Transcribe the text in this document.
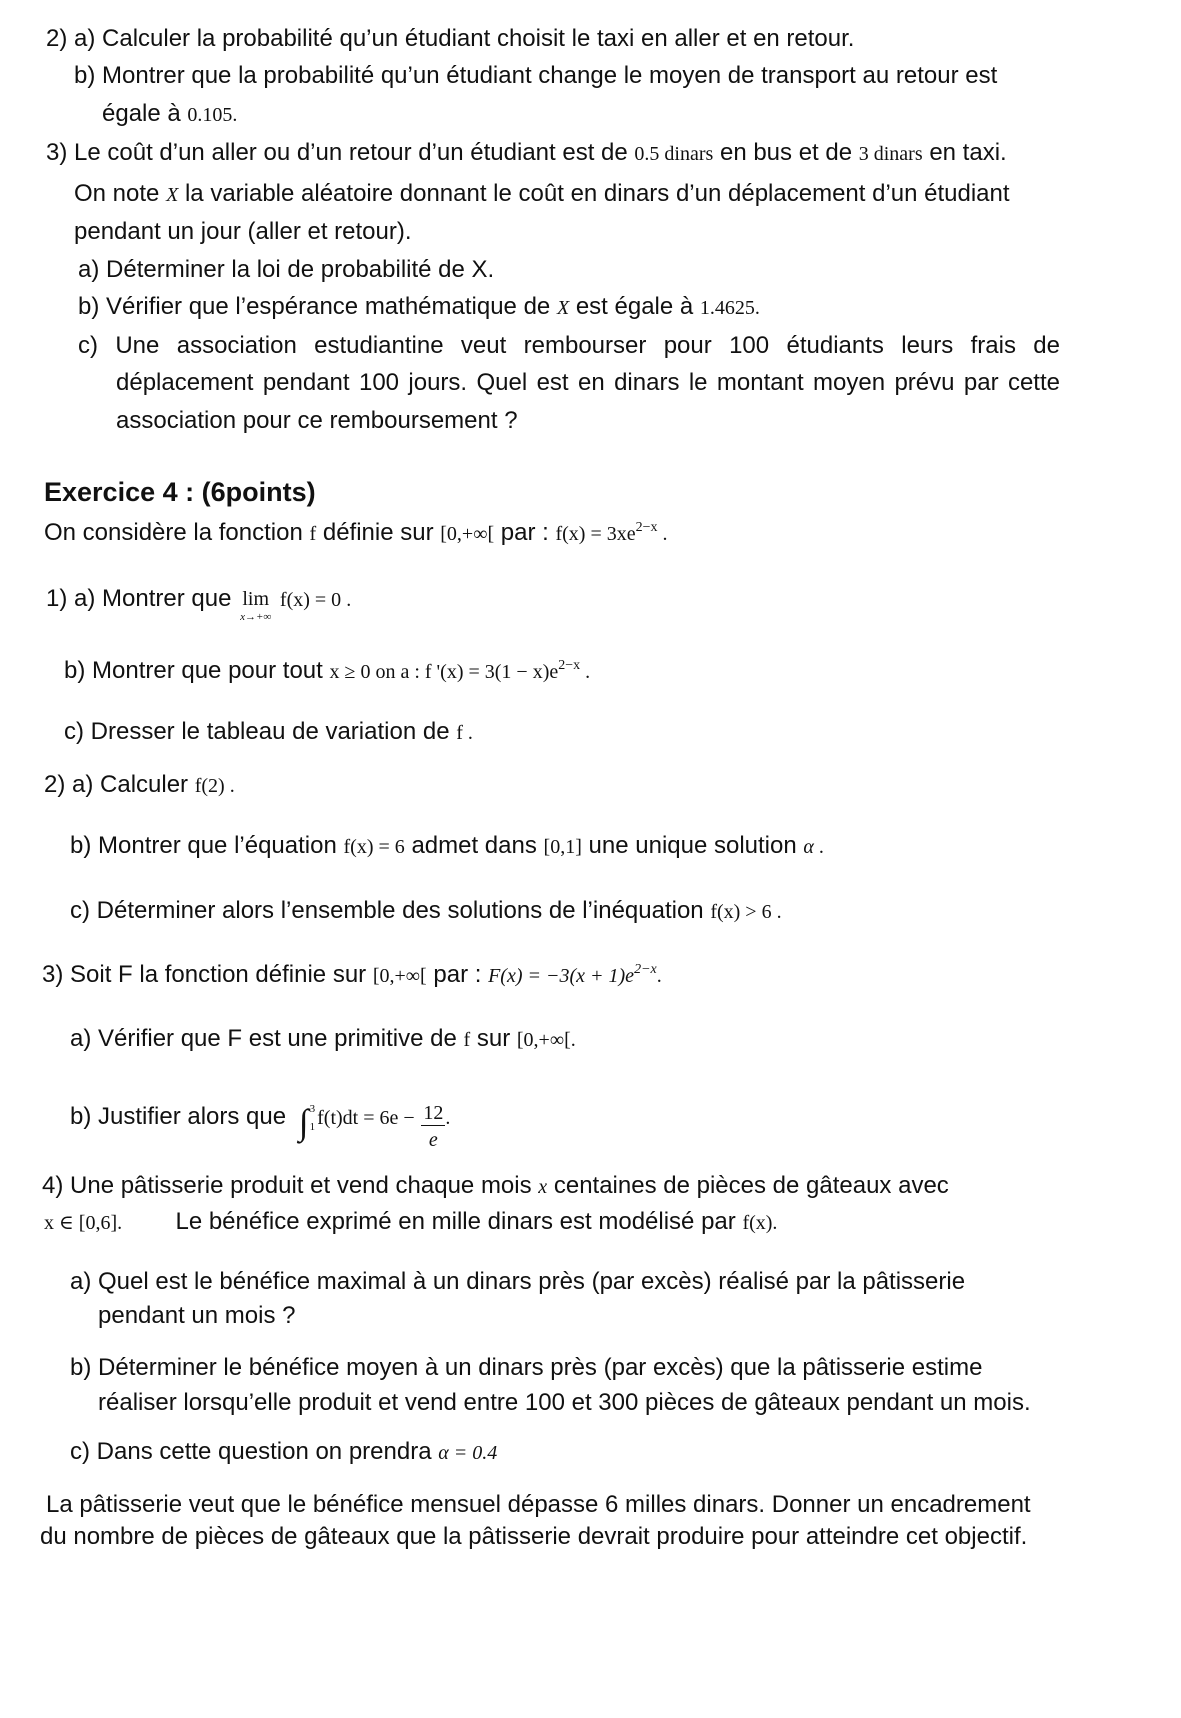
2) a) Calculer la probabilité qu’un étudiant choisit le taxi en aller et en retour.
b) Montrer que la probabilité qu’un étudiant change le moyen de transport au retour est
égale à 0.105.
3) Le coût d’un aller ou d’un retour d’un étudiant est de 0.5 dinars en bus et de 3 dinars en taxi.
On note X la variable aléatoire donnant le coût en dinars d’un déplacement d’un étudiant
pendant un jour (aller et retour).
a) Déterminer la loi de probabilité de X.
b) Vérifier que l’espérance mathématique de X est égale à 1.4625.
c) Une association estudiantine veut rembourser pour 100 étudiants leurs frais de
déplacement pendant 100 jours. Quel est en dinars le montant moyen prévu par cette
association pour ce remboursement ?
Exercice 4 : (6points)
On considère la fonction f définie sur [0,+∞[ par : $f(x) = 3xe^{2-x}$ .
1) a) Montrer que lim
x→+∞
f(x) = 0 .
b) Montrer que pour tout x ≥ 0 on a : f '$(x) = 3(1 - x)e^{2-x}$ .
c) Dresser le tableau de variation de f .
2) a) Calculer f(2) .
b) Montrer que l’équation f(x) = 6 admet dans [0,1] une unique solution α .
c) Déterminer alors l’ensemble des solutions de l’inéquation f(x) > 6 .
3) Soit F la fonction définie sur [0,+∞[ par : $F(x) = -3(x + 1)e^{2-x}$.
a) Vérifier que F est une primitive de f sur [0,+∞[.
b) Justifier alors que ∫ 3
1 $f(t)dt = 6e - \frac{12}{e}$ .
4) Une pâtisserie produit et vend chaque mois x centaines de pièces de gâteaux avec
x ∈ [0,6]. Le bénéfice exprimé en mille dinars est modélisé par f(x).
a) Quel est le bénéfice maximal à un dinars près (par excès) réalisé par la pâtisserie
pendant un mois ?
b) Déterminer le bénéfice moyen à un dinars près (par excès) que la pâtisserie estime
réaliser lorsqu’elle produit et vend entre 100 et 300 pièces de gâteaux pendant un mois.
c) Dans cette question on prendra α = 0.4
La pâtisserie veut que le bénéfice mensuel dépasse 6 milles dinars. Donner un encadrement
du nombre de pièces de gâteaux que la pâtisserie devrait produire pour atteindre cet objectif.
